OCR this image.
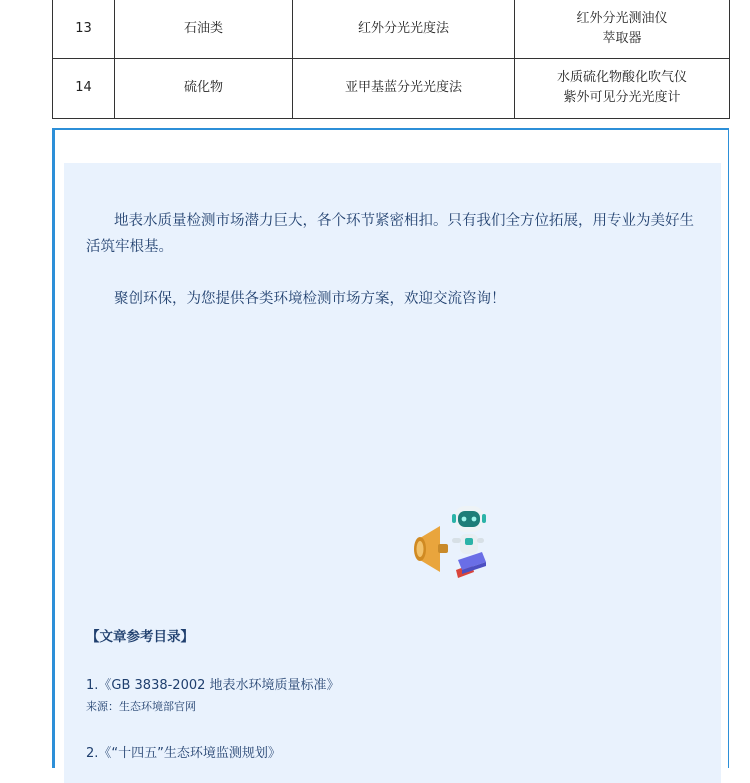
13	石油类	红外分光光度法	红外分光测油仪
萃取器

14	硫化物	亚甲基蓝分光光度法	水质硫化物酸化吹气仪
紫外可见分光光度计

地表水质量检测市场潜力巨大，各个环节紧密相扣。只有我们全方位拓展，用专业为美好生活筑牢根基。

聚创环保，为您提供各类环境检测市场方案，欢迎交流咨询！

【文章参考目录】

1.《GB 3838-2002 地表水环境质量标准》

来源：生态环境部官网

2.《“十四五”生态环境监测规划》
